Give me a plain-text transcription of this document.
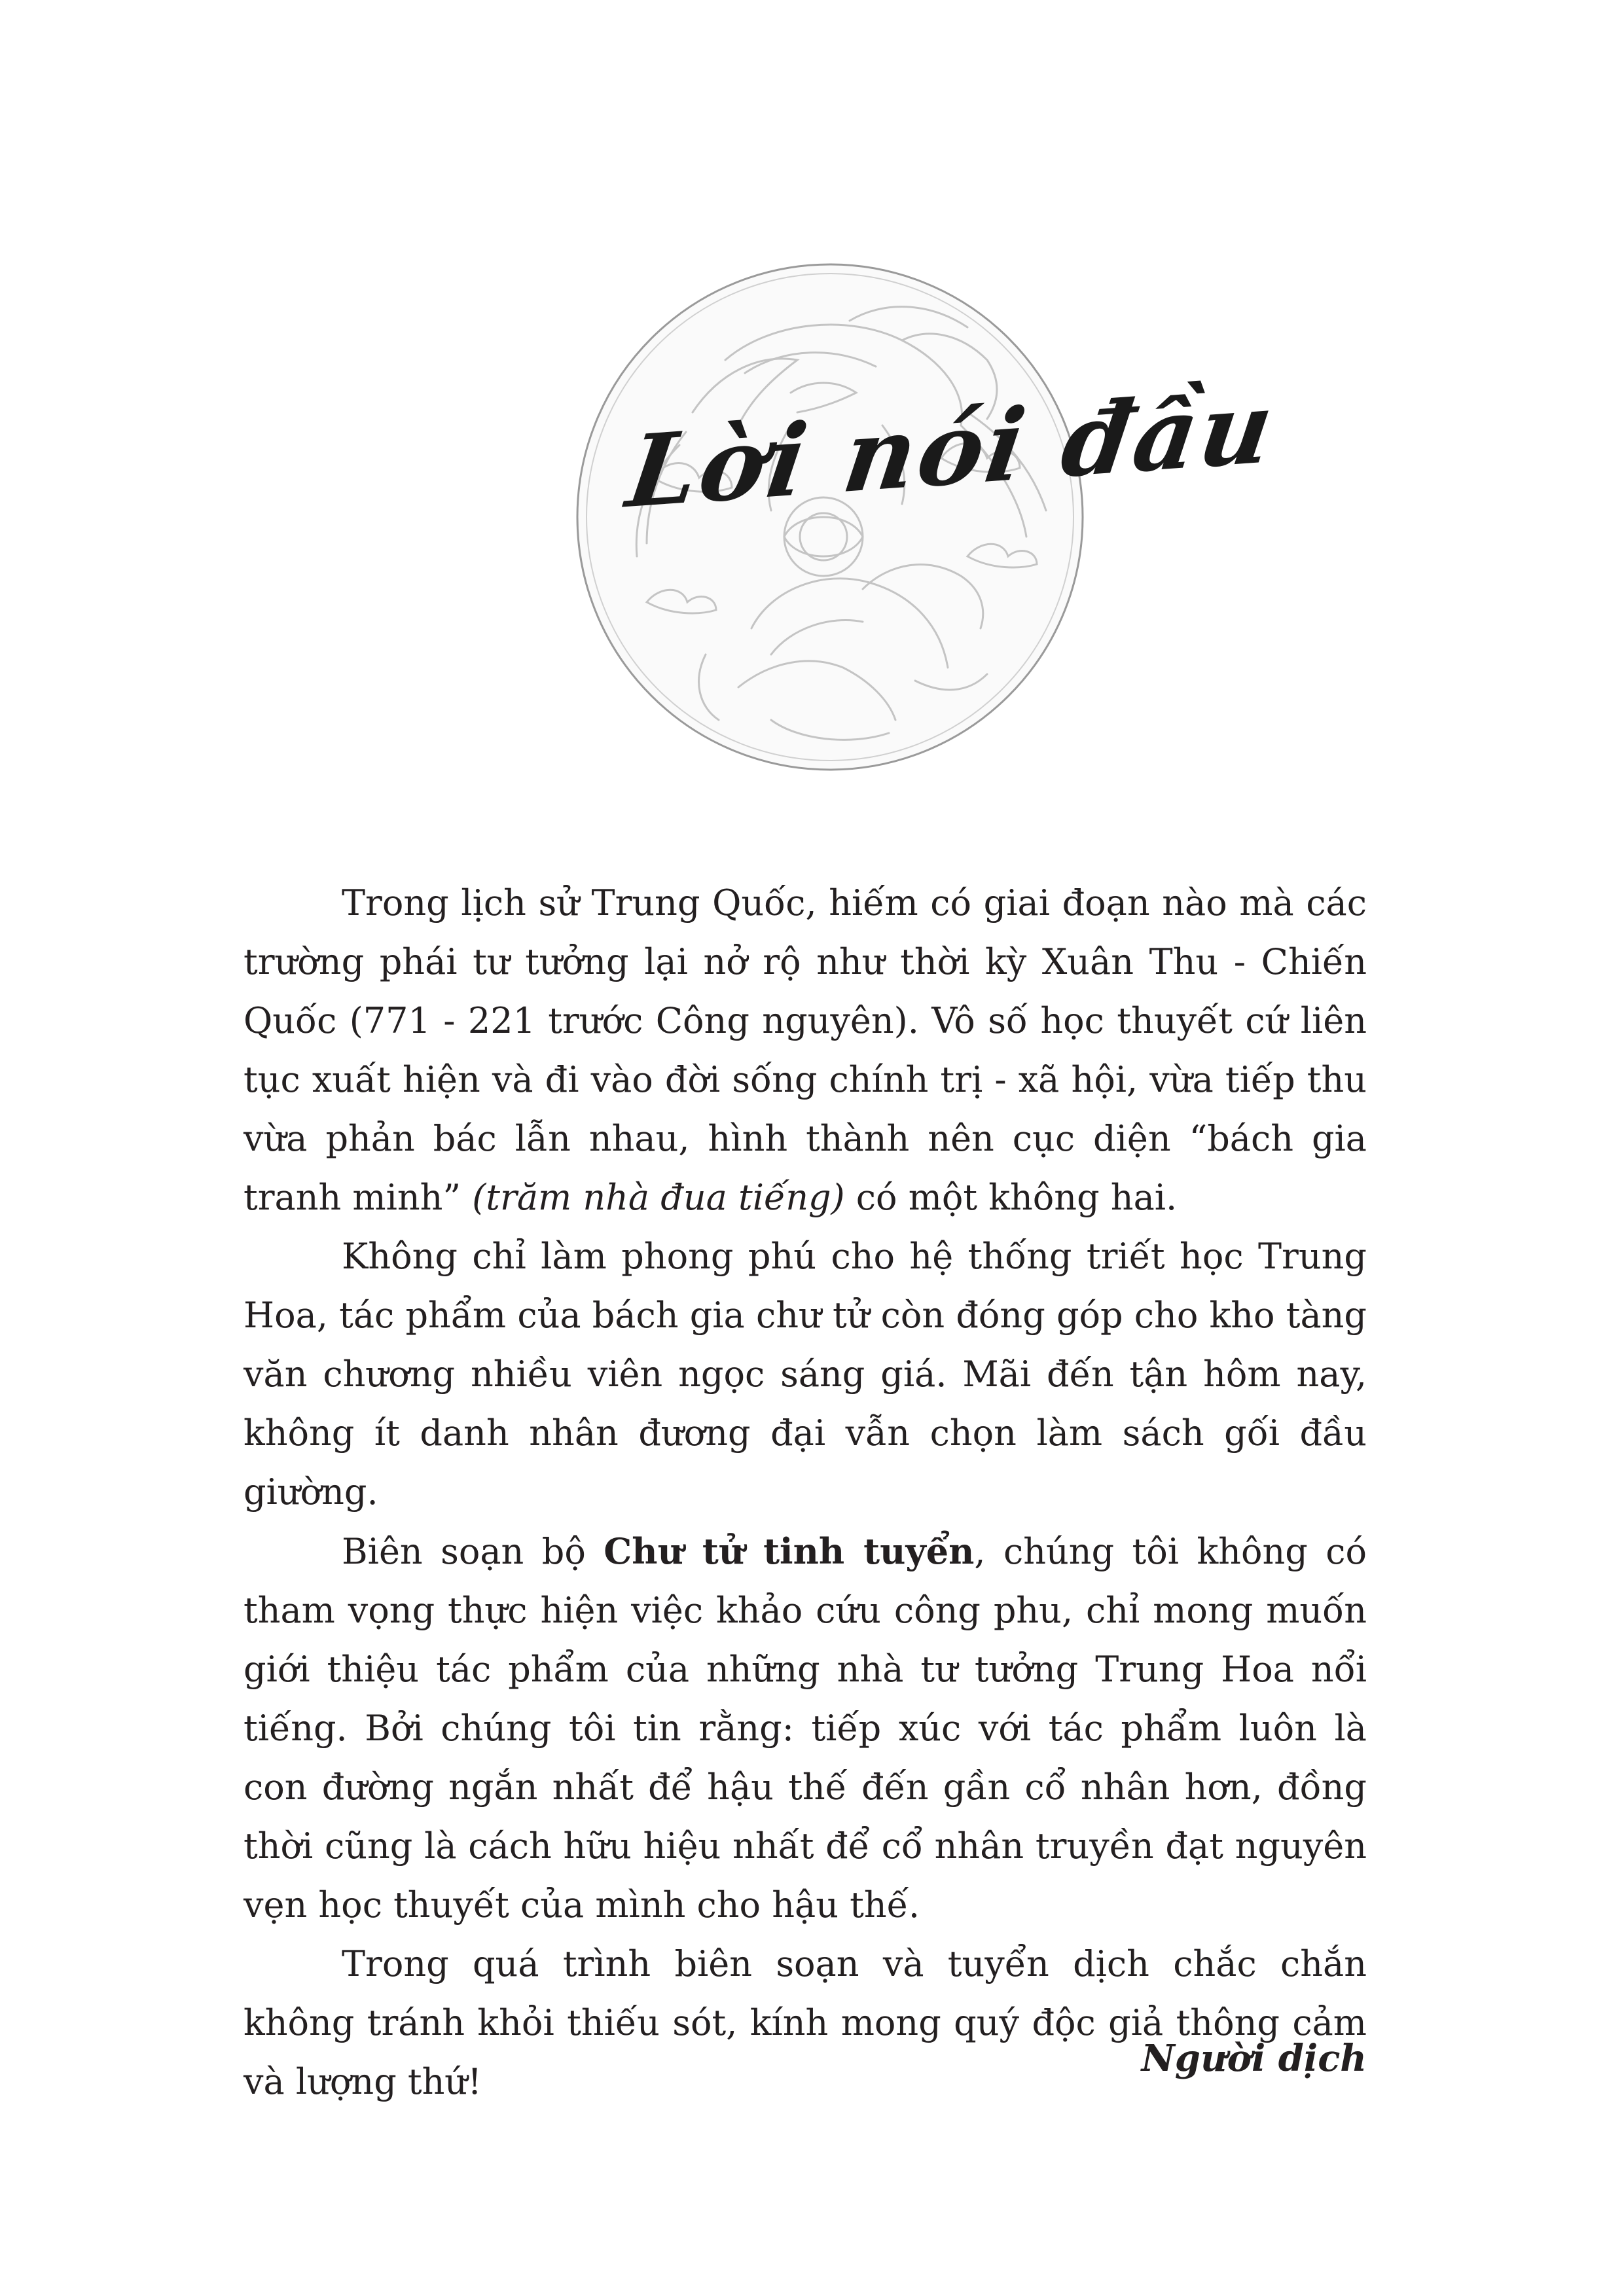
Lời nói đầu

Trong lịch sử Trung Quốc, hiếm có giai đoạn nào mà các trường phái tư tưởng lại nở rộ như thời kỳ Xuân Thu - Chiến Quốc (771 - 221 trước Công nguyên). Vô số học thuyết cứ liên tục xuất hiện và đi vào đời sống chính trị - xã hội, vừa tiếp thu vừa phản bác lẫn nhau, hình thành nên cục diện “bách gia tranh minh” (trăm nhà đua tiếng) có một không hai.

Không chỉ làm phong phú cho hệ thống triết học Trung Hoa, tác phẩm của bách gia chư tử còn đóng góp cho kho tàng văn chương nhiều viên ngọc sáng giá. Mãi đến tận hôm nay, không ít danh nhân đương đại vẫn chọn làm sách gối đầu giường.

Biên soạn bộ Chư tử tinh tuyển, chúng tôi không có tham vọng thực hiện việc khảo cứu công phu, chỉ mong muốn giới thiệu tác phẩm của những nhà tư tưởng Trung Hoa nổi tiếng. Bởi chúng tôi tin rằng: tiếp xúc với tác phẩm luôn là con đường ngắn nhất để hậu thế đến gần cổ nhân hơn, đồng thời cũng là cách hữu hiệu nhất để cổ nhân truyền đạt nguyên vẹn học thuyết của mình cho hậu thế.

Trong quá trình biên soạn và tuyển dịch chắc chắn không tránh khỏi thiếu sót, kính mong quý độc giả thông cảm và lượng thứ!

Người dịch
